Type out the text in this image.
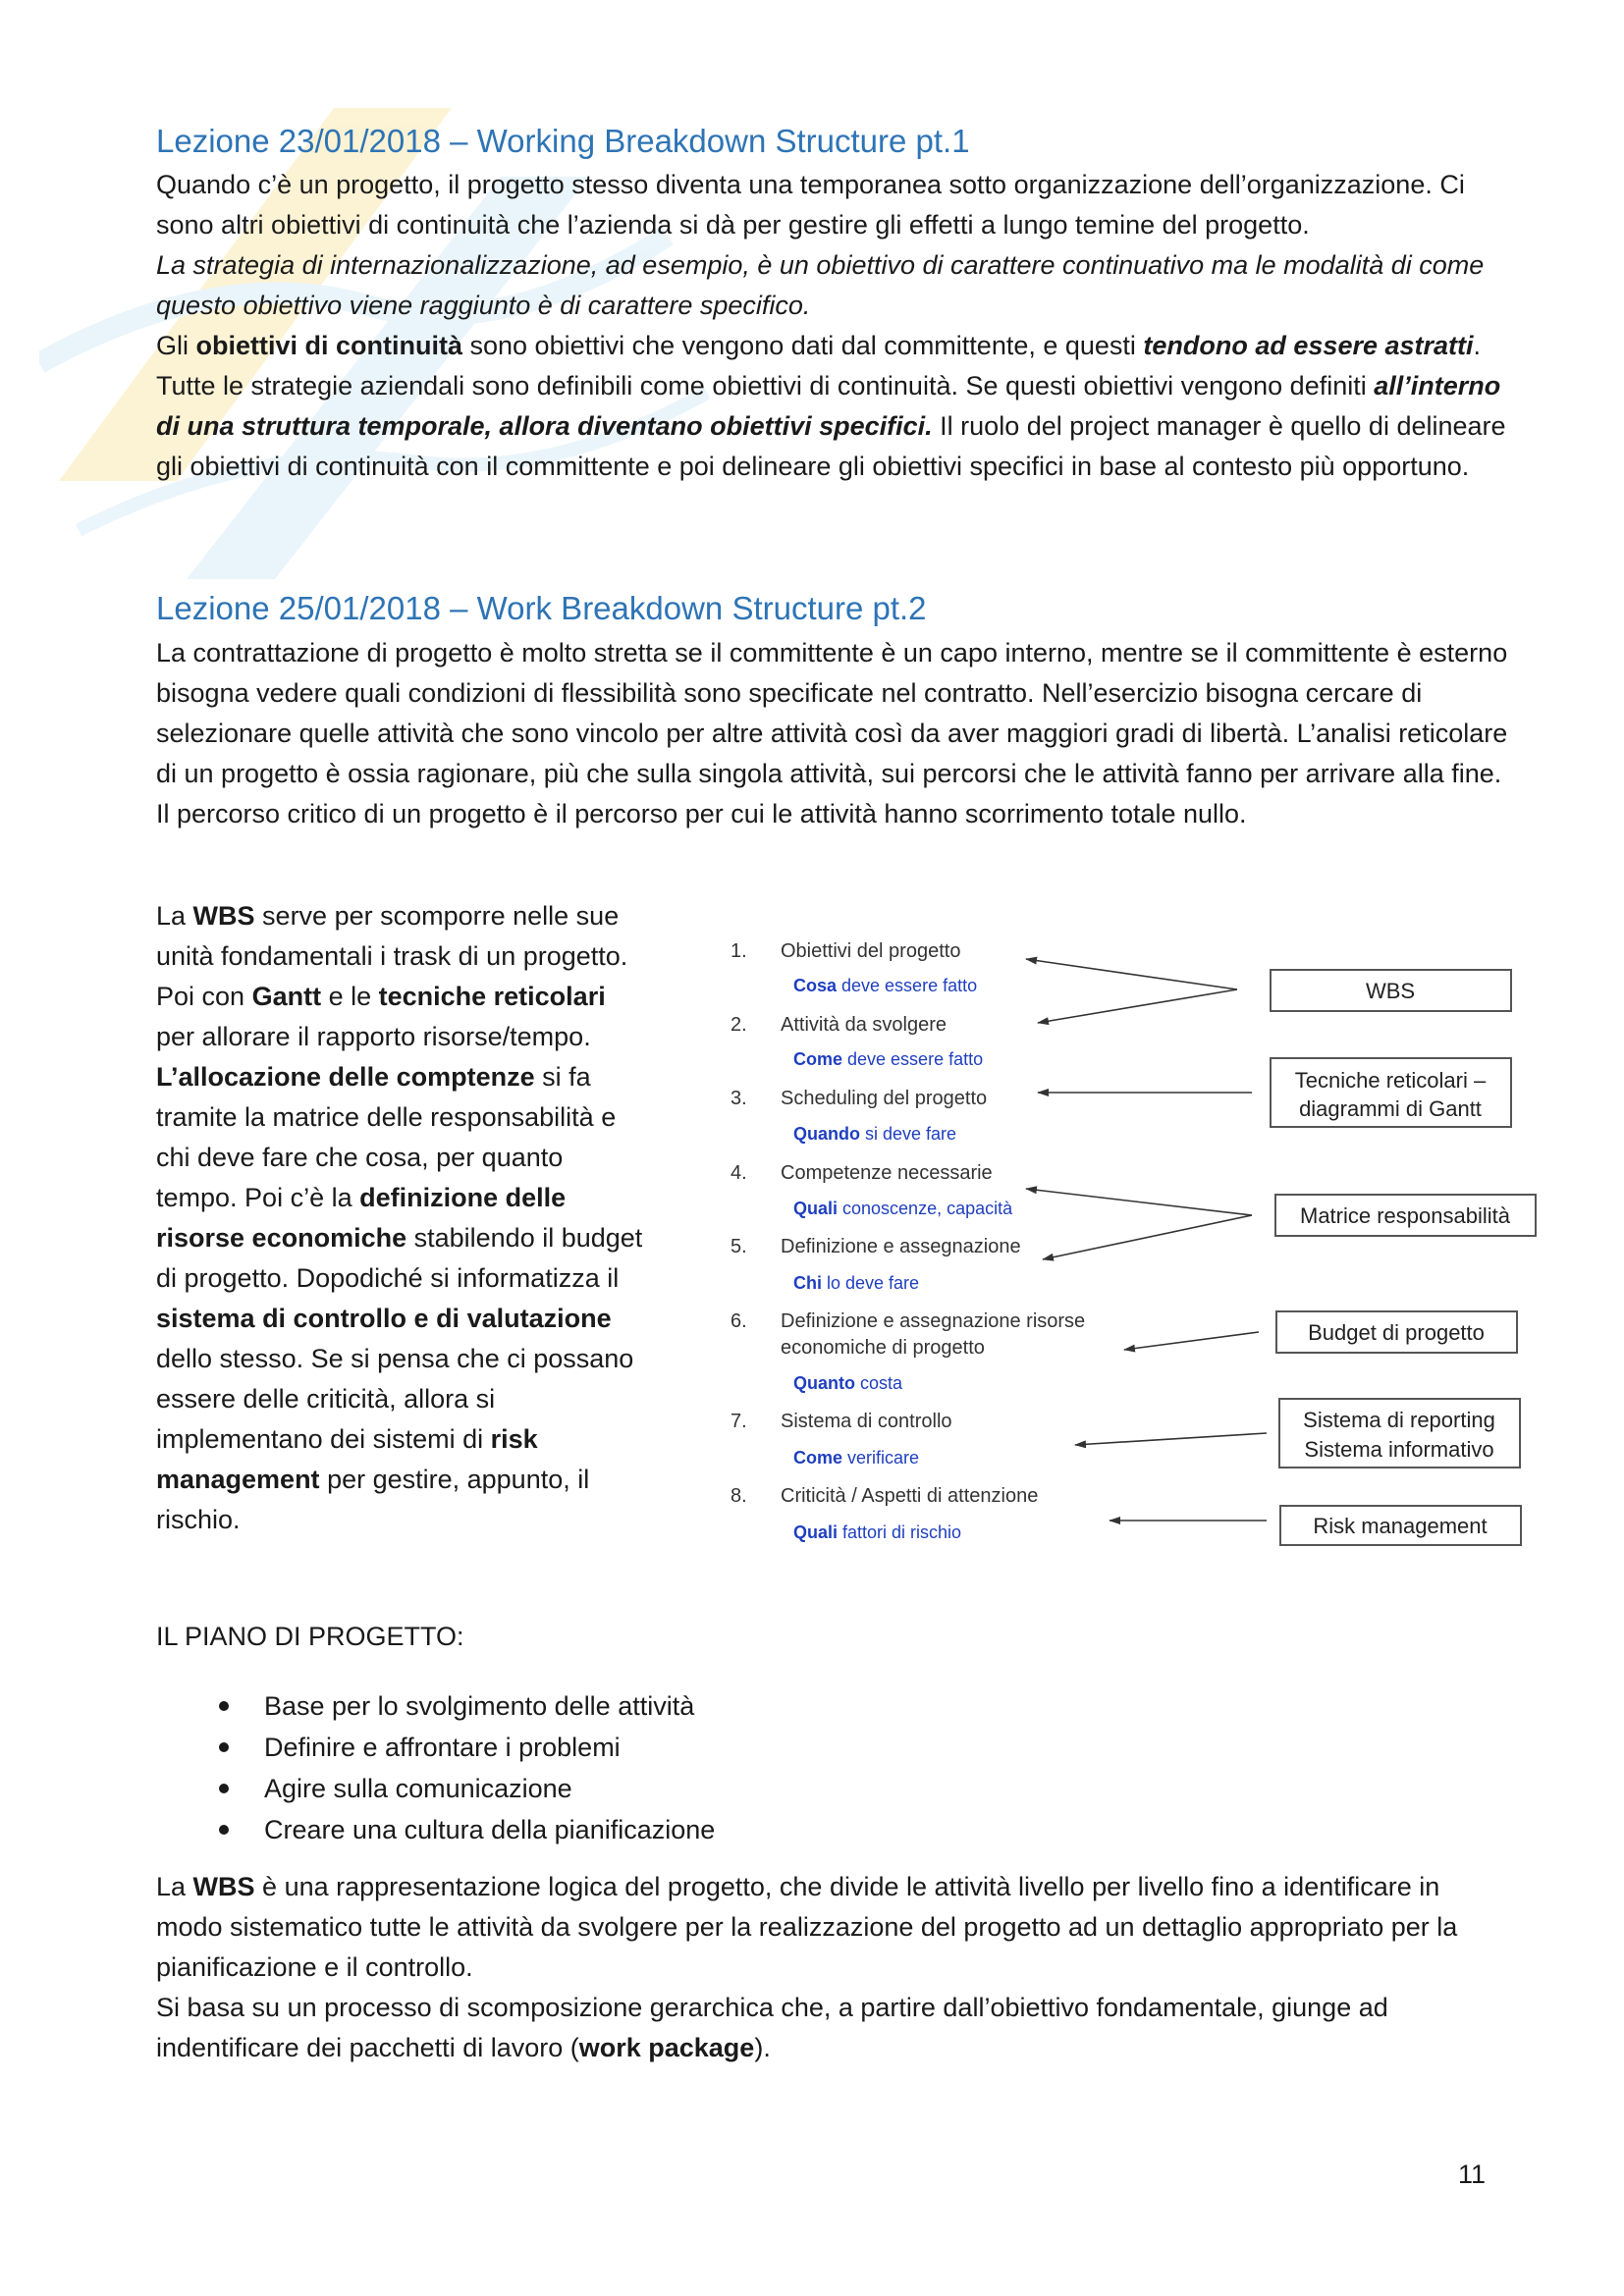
Lezione 23/01/2018 – Working Breakdown Structure pt.1

Quando c’è un progetto, il progetto stesso diventa una temporanea sotto organizzazione dell’organizzazione. Ci sono altri obiettivi di continuità che l’azienda si dà per gestire gli effetti a lungo temine del progetto.
La strategia di internazionalizzazione, ad esempio, è un obiettivo di carattere continuativo ma le modalità di come questo obiettivo viene raggiunto è di carattere specifico.
Gli obiettivi di continuità sono obiettivi che vengono dati dal committente, e questi tendono ad essere astratti. Tutte le strategie aziendali sono definibili come obiettivi di continuità. Se questi obiettivi vengono definiti all’interno di una struttura temporale, allora diventano obiettivi specifici. Il ruolo del project manager è quello di delineare gli obiettivi di continuità con il committente e poi delineare gli obiettivi specifici in base al contesto più opportuno.

Lezione 25/01/2018 – Work Breakdown Structure pt.2

La contrattazione di progetto è molto stretta se il committente è un capo interno, mentre se il committente è esterno bisogna vedere quali condizioni di flessibilità sono specificate nel contratto. Nell’esercizio bisogna cercare di selezionare quelle attività che sono vincolo per altre attività così da aver maggiori gradi di libertà. L’analisi reticolare di un progetto è ossia ragionare, più che sulla singola attività, sui percorsi che le attività fanno per arrivare alla fine. Il percorso critico di un progetto è il percorso per cui le attività hanno scorrimento totale nullo.

La WBS serve per scomporre nelle sue unità fondamentali i trask di un progetto. Poi con Gantt e le tecniche reticolari per allorare il rapporto risorse/tempo. L’allocazione delle comptenze si fa tramite la matrice delle responsabilità e chi deve fare che cosa, per quanto tempo. Poi c’è la definizione delle risorse economiche stabilendo il budget di progetto. Dopodiché si informatizza il sistema di controllo e di valutazione dello stesso. Se si pensa che ci possano essere delle criticità, allora si implementano dei sistemi di risk management per gestire, appunto, il rischio.

1. Obiettivi del progetto
Cosa deve essere fatto
2. Attività da svolgere
Come deve essere fatto
3. Scheduling del progetto
Quando si deve fare
4. Competenze necessarie
Quali conoscenze, capacità
5. Definizione e assegnazione
Chi lo deve fare
6. Definizione e assegnazione risorse
economiche di progetto
Quanto costa
7. Sistema di controllo
Come verificare
8. Criticità / Aspetti di attenzione
Quali fattori di rischio
WBS
Tecniche reticolari –
diagrammi di Gantt
Matrice responsabilità
Budget di progetto
Sistema di reporting
Sistema informativo
Risk management

IL PIANO DI PROGETTO:

Base per lo svolgimento delle attività
Definire e affrontare i problemi
Agire sulla comunicazione
Creare una cultura della pianificazione

La WBS è una rappresentazione logica del progetto, che divide le attività livello per livello fino a identificare in modo sistematico tutte le attività da svolgere per la realizzazione del progetto ad un dettaglio appropriato per la pianificazione e il controllo.
Si basa su un processo di scomposizione gerarchica che, a partire dall’obiettivo fondamentale, giunge ad indentificare dei pacchetti di lavoro (work package).

11
